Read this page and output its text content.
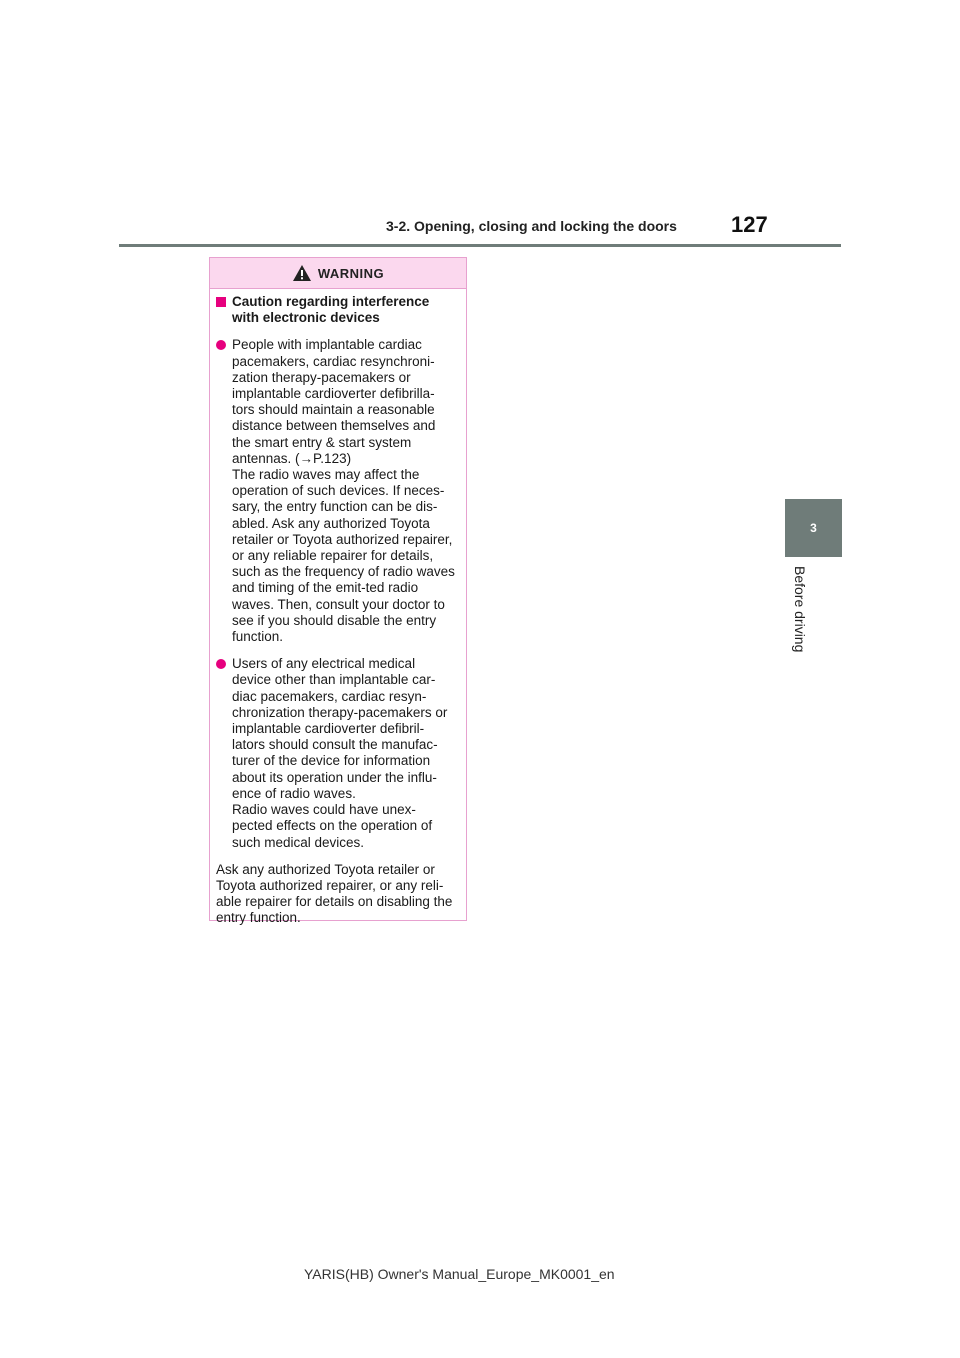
3-2. Opening, closing and locking the doors 127
3
Before driving
WARNING
Caution regarding interference with electronic devices

People with implantable cardiac pacemakers, cardiac resynchroni-zation therapy-pacemakers or implantable cardioverter defibrilla-tors should maintain a reasonable distance between themselves and the smart entry & start system antennas. (→P.123)

The radio waves may affect the operation of such devices. If neces-sary, the entry function can be dis-abled. Ask any authorized Toyota retailer or Toyota authorized repairer, or any reliable repairer for details, such as the frequency of radio waves and timing of the emit-ted radio waves. Then, consult your doctor to see if you should disable the entry function.

Users of any electrical medical device other than implantable car-diac pacemakers, cardiac resyn-chronization therapy-pacemakers or implantable cardioverter defibril-lators should consult the manufac-turer of the device for information about its operation under the influ-ence of radio waves.

Radio waves could have unex-pected effects on the operation of such medical devices.

Ask any authorized Toyota retailer or Toyota authorized repairer, or any reli-able repairer for details on disabling the entry function.

YARIS(HB) Owner's Manual_Europe_MK0001_en
